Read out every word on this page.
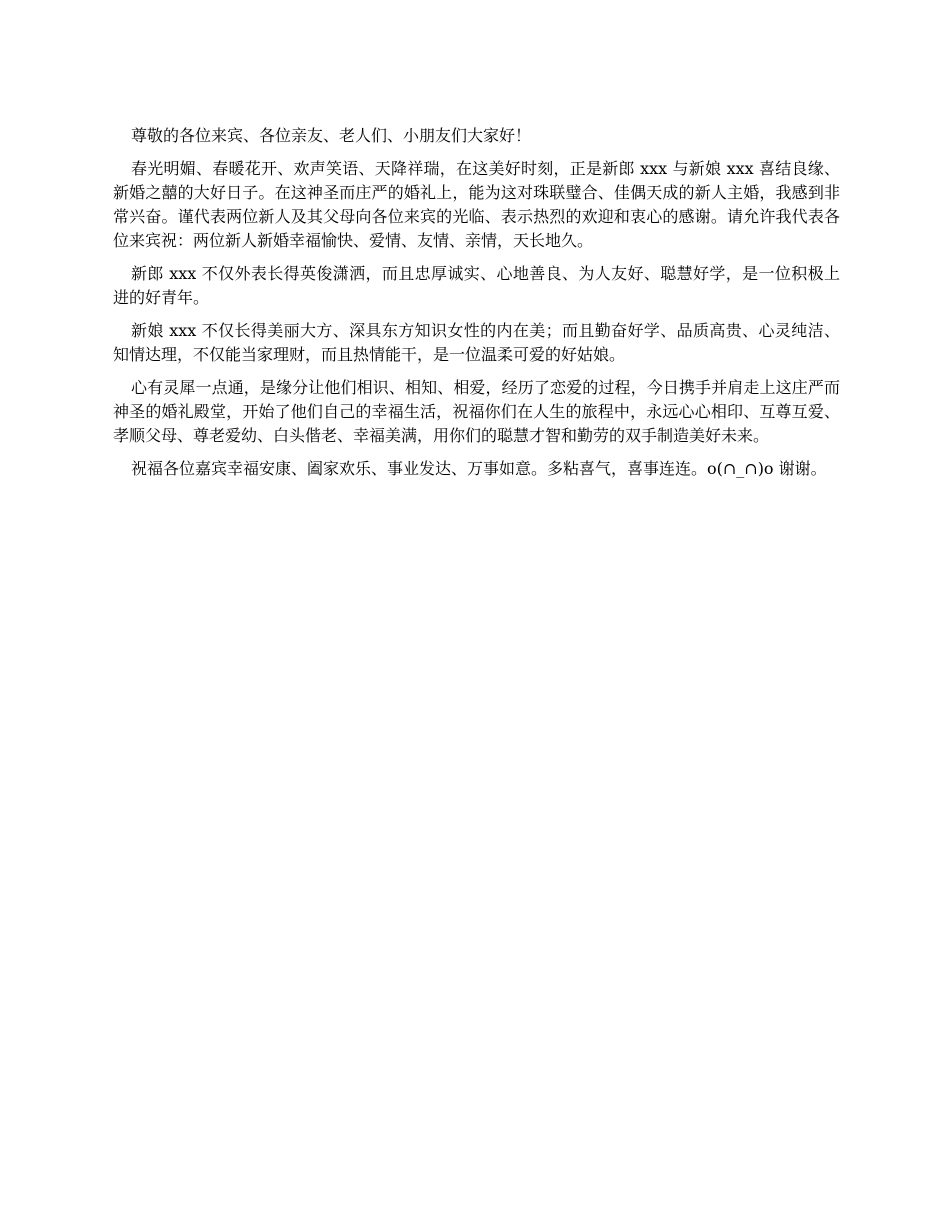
尊敬的各位来宾、各位亲友、老人们、小朋友们大家好！

春光明媚、春暖花开、欢声笑语、天降祥瑞，在这美好时刻，正是新郎 xxx 与新娘 xxx 喜结良缘、新婚之囍的大好日子。在这神圣而庄严的婚礼上，能为这对珠联璧合、佳偶天成的新人主婚，我感到非常兴奋。谨代表两位新人及其父母向各位来宾的光临、表示热烈的欢迎和衷心的感谢。请允许我代表各位来宾祝：两位新人新婚幸福愉快、爱情、友情、亲情，天长地久。

新郎 xxx 不仅外表长得英俊潇洒，而且忠厚诚实、心地善良、为人友好、聪慧好学，是一位积极上进的好青年。

新娘 xxx 不仅长得美丽大方、深具东方知识女性的内在美；而且勤奋好学、品质高贵、心灵纯洁、知情达理，不仅能当家理财，而且热情能干，是一位温柔可爱的好姑娘。

心有灵犀一点通，是缘分让他们相识、相知、相爱，经历了恋爱的过程，今日携手并肩走上这庄严而神圣的婚礼殿堂，开始了他们自己的幸福生活，祝福你们在人生的旅程中，永远心心相印、互尊互爱、孝顺父母、尊老爱幼、白头偕老、幸福美满，用你们的聪慧才智和勤劳的双手制造美好未来。

祝福各位嘉宾幸福安康、阖家欢乐、事业发达、万事如意。多粘喜气，喜事连连。o(∩_∩)o 谢谢。
